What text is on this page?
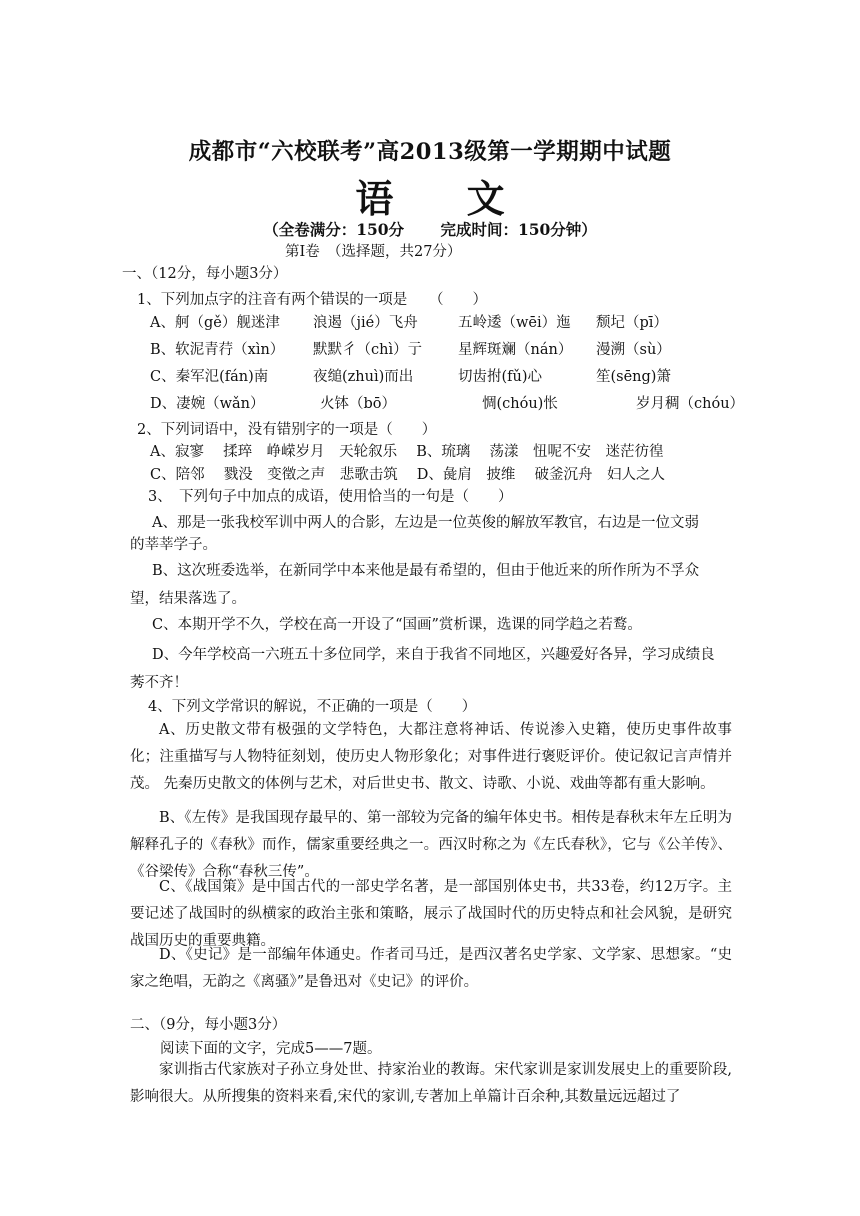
成都市“六校联考”高2013级第一学期期中试题
语 文
（全卷满分：150分　　 完成时间：150分钟）
第Ⅰ卷　（选择题，共27分）
一、（12分，每小题3分）
1、下列加点字的注音有两个错误的一项是　　（　　）
A、舸（gě）舰迷津 浪遏（jié）飞舟	五岭逶（wēi）迤 颓圮（pī）
B、软泥青荇（xìn） 默默彳（chì）亍 星辉斑斓（nán） 漫溯（sù）
C、秦军氾(fán)南	夜缒(zhuì)而出	切齿拊(fǔ)心	笙(sēng)箫
D、凄婉（wǎn）	火钵（bō）	惆(chóu)怅	岁月稠（chóu）
2、下列词语中，没有错别字的一项是（　　）
A、寂寥　 揉琗　峥嵘岁月　天轮叙乐　 B、琉璃　 荡漾　忸呢不安　迷茫彷徨
C、陪邻　 戮没　变徵之声　悲歌击筑　 D、彘肩　披维　 破釜沉舟　妇人之人
3、　下列句子中加点的成语，使用恰当的一句是（　　）
A、那是一张我校军训中两人的合影，左边是一位英俊的解放军教官，右边是一位文弱
的莘莘学子。
B、这次班委选举，在新同学中本来他是最有希望的，但由于他近来的所作所为不孚众
望，结果落选了。
C、本期开学不久，学校在高一开设了“国画”赏析课，选课的同学趋之若鹜。
D、今年学校高一六班五十多位同学，来自于我省不同地区，兴趣爱好各异，学习成绩良
莠不齐！
4、下列文学常识的解说，不正确的一项是（　　）
A、历史散文带有极强的文学特色，大都注意将神话、传说渗入史籍，使历史事件故事化；注重描写与人物特征刻划，使历史人物形象化；对事件进行褒贬评价。使记叙记言声情并茂。 先秦历史散文的体例与艺术，对后世史书、散文、诗歌、小说、戏曲等都有重大影响。
B、《左传》是我国现存最早的、第一部较为完备的编年体史书。相传是春秋末年左丘明为解释孔子的《春秋》而作，儒家重要经典之一。西汉时称之为《左氏春秋》，它与《公羊传》、《谷梁传》合称“春秋三传”。
C、《战国策》是中国古代的一部史学名著，是一部国别体史书，共33卷，约12万字。主要记述了战国时的纵横家的政治主张和策略，展示了战国时代的历史特点和社会风貌，是研究战国历史的重要典籍。
D、《史记》是一部编年体通史。作者司马迁，是西汉著名史学家、文学家、思想家。“史家之绝唱，无韵之《离骚》”是鲁迅对《史记》的评价。
二、（9分，每小题3分）
阅读下面的文字，完成5——7题。
家训指古代家族对子孙立身处世、持家治业的教诲。宋代家训是家训发展史上的重要阶段,影响很大。从所搜集的资料来看,宋代的家训,专著加上单篇计百余种,其数量远远超过了
